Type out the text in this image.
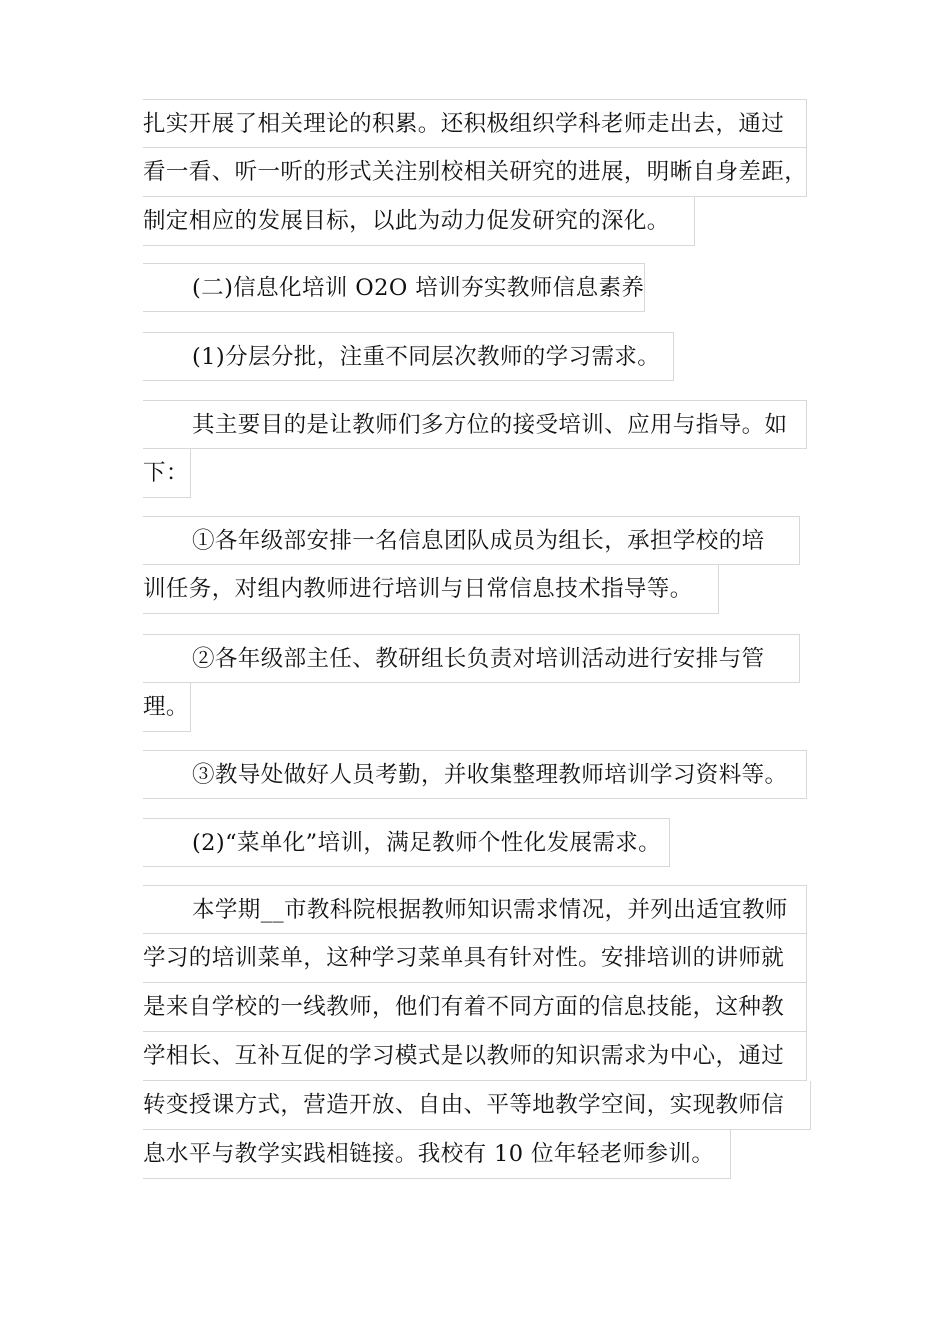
扎实开展了相关理论的积累。还积极组织学科老师走出去，通过
看一看、听一听的形式关注别校相关研究的进展，明晰自身差距，
制定相应的发展目标，以此为动力促发研究的深化。
(二)信息化培训 O2O 培训夯实教师信息素养
(1)分层分批，注重不同层次教师的学习需求。
其主要目的是让教师们多方位的接受培训、应用与指导。如
下：
①各年级部安排一名信息团队成员为组长，承担学校的培
训任务，对组内教师进行培训与日常信息技术指导等。
②各年级部主任、教研组长负责对培训活动进行安排与管
理。
③教导处做好人员考勤，并收集整理教师培训学习资料等。
(2)“菜单化”培训，满足教师个性化发展需求。
本学期__市教科院根据教师知识需求情况，并列出适宜教师
学习的培训菜单，这种学习菜单具有针对性。安排培训的讲师就
是来自学校的一线教师，他们有着不同方面的信息技能，这种教
学相长、互补互促的学习模式是以教师的知识需求为中心，通过
转变授课方式，营造开放、自由、平等地教学空间，实现教师信
息水平与教学实践相链接。我校有 10 位年轻老师参训。
